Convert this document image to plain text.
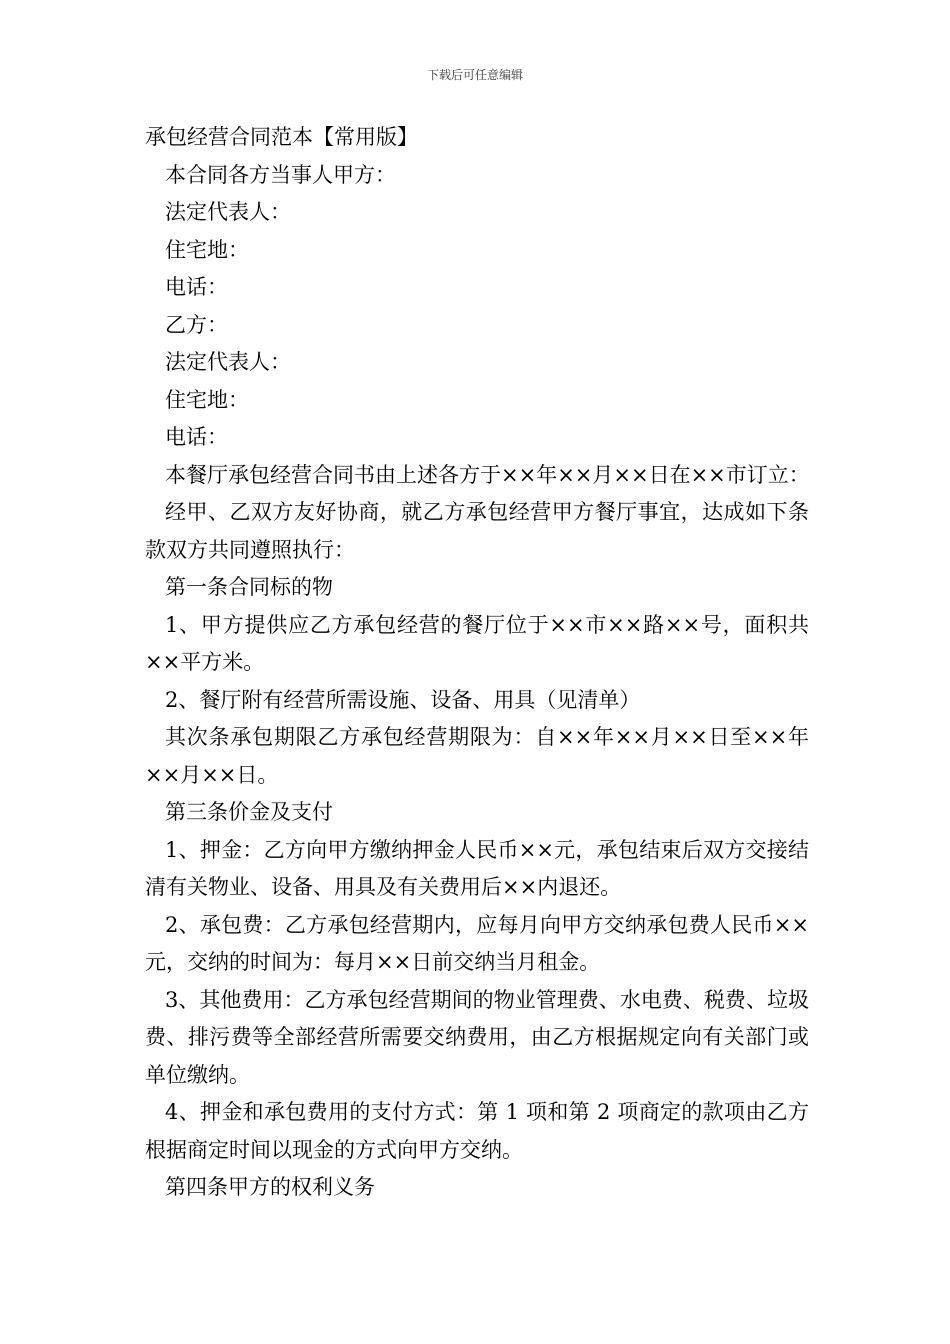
下载后可任意编辑

承包经营合同范本【常用版】

本合同各方当事人甲方：

法定代表人：

住宅地：

电话：

乙方：

法定代表人：

住宅地：

电话：

本餐厅承包经营合同书由上述各方于××年××月××日在××市订立：

经甲、乙双方友好协商，就乙方承包经营甲方餐厅事宜，达成如下条款双方共同遵照执行：

第一条合同标的物

1、甲方提供应乙方承包经营的餐厅位于××市××路××号，面积共××平方米。

2、餐厅附有经营所需设施、设备、用具（见清单）

其次条承包期限乙方承包经营期限为：自××年××月××日至××年××月××日。

第三条价金及支付

1、押金：乙方向甲方缴纳押金人民币××元，承包结束后双方交接结清有关物业、设备、用具及有关费用后××内退还。

2、承包费：乙方承包经营期内，应每月向甲方交纳承包费人民币××元，交纳的时间为：每月××日前交纳当月租金。

3、其他费用：乙方承包经营期间的物业管理费、水电费、税费、垃圾费、排污费等全部经营所需要交纳费用，由乙方根据规定向有关部门或单位缴纳。

4、押金和承包费用的支付方式：第 1 项和第 2 项商定的款项由乙方根据商定时间以现金的方式向甲方交纳。

第四条甲方的权利义务
